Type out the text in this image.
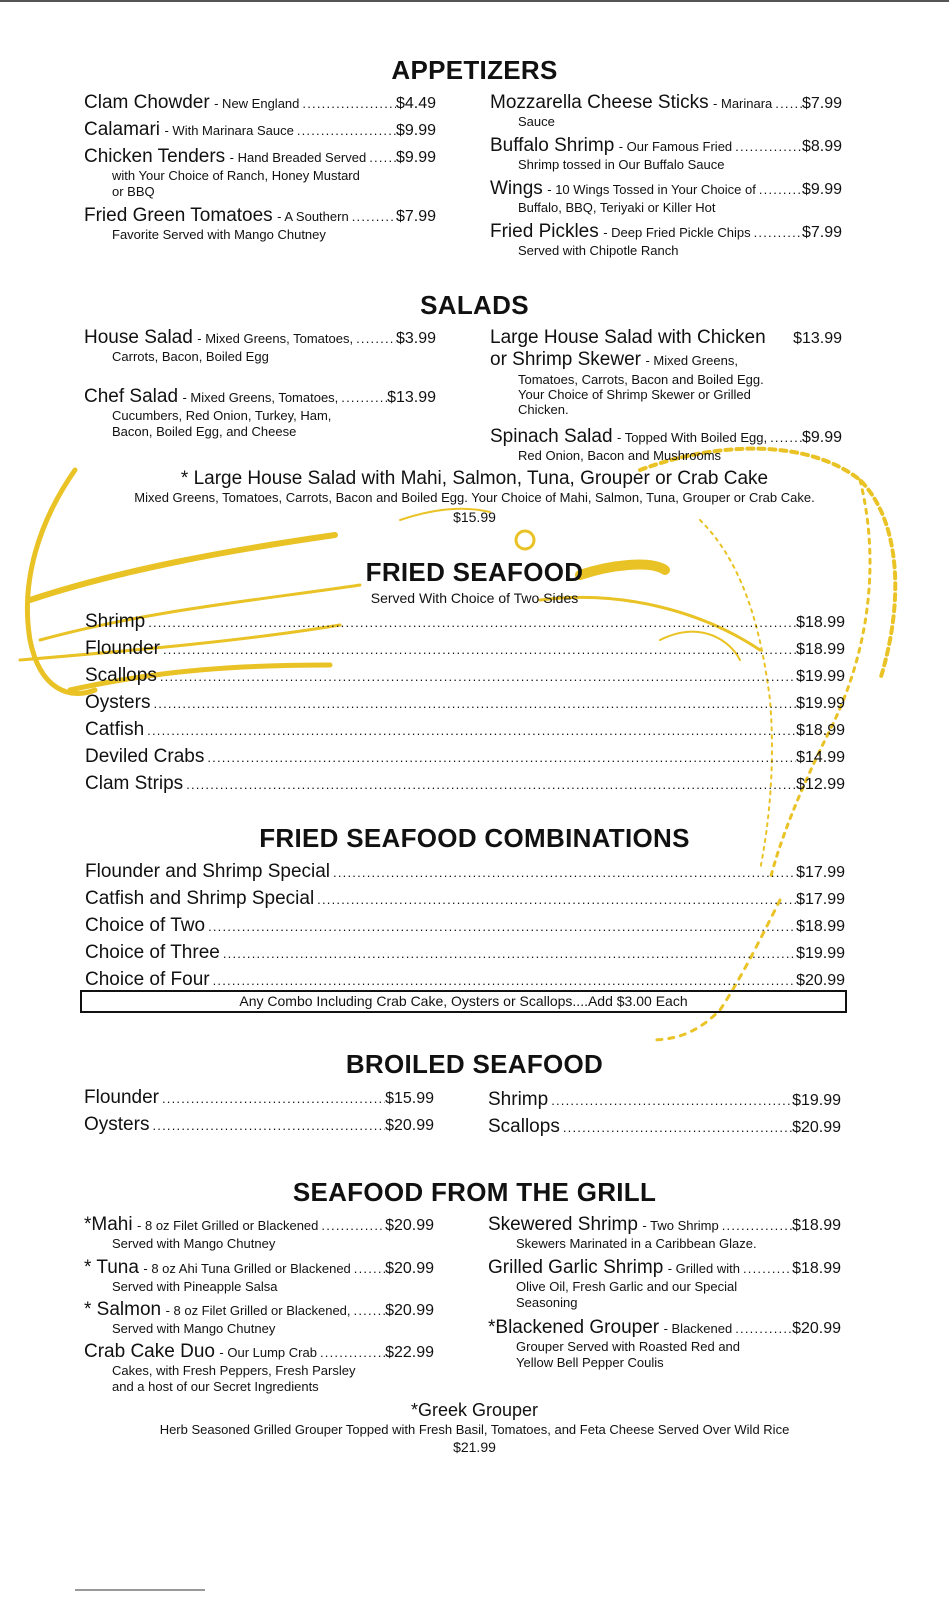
APPETIZERS
Clam Chowder
- New England .....	$4.49
Calamari
- With Marinara Sauce .....	$9.99
Chicken Tenders
- Hand Breaded Served ..... $9.99
with Your Choice of Ranch, Honey Mustard
or BBQ
Fried Green Tomatoes
- A Southern .....	$7.99
Favorite Served with Mango Chutney
Mozzarella Cheese Sticks
- Marinara ..... $7.99
Sauce
Buffalo Shrimp
- Our Famous Fried .....	$8.99
Shrimp tossed in Our Buffalo Sauce
Wings
- 10 Wings Tossed in Your Choice of .....	$9.99
Buffalo, BBQ, Teriyaki or Killer Hot
Fried Pickles
- Deep Fried Pickle Chips .....	$7.99
Served with Chipotle Ranch
SALADS
House Salad
- Mixed Greens, Tomatoes, .....	$3.99
Carrots, Bacon, Boiled Egg
Chef Salad
- Mixed Greens, Tomatoes, .....	$13.99
Cucumbers, Red Onion, Turkey, Ham,
Bacon, Boiled Egg, and Cheese
Large House Salad with Chicken $13.99
or Shrimp Skewer
- Mixed Greens,
Tomatoes, Carrots, Bacon and Boiled Egg.
Your Choice of Shrimp Skewer or Grilled
Chicken.
Spinach Salad
- Topped With Boiled Egg, ..... $9.99
Red Onion, Bacon and Mushrooms
* Large House Salad with Mahi, Salmon, Tuna, Grouper or Crab Cake
Mixed Greens, Tomatoes, Carrots, Bacon and Boiled Egg. Your Choice of Mahi, Salmon, Tuna, Grouper or Crab Cake.
$15.99
FRIED SEAFOOD
Served With Choice of Two Sides
Shrimp .....	$18.99
Flounder .....	$18.99
Scallops .....	$19.99
Oysters .....	$19.99
Catfish .....	$18.99
Deviled Crabs .....	$14.99
Clam Strips .....	$12.99
FRIED SEAFOOD COMBINATIONS
Flounder and Shrimp Special .....	$17.99
Catfish and Shrimp Special .....	$17.99
Choice of Two .....	$18.99
Choice of Three .....	$19.99
Choice of Four .....	$20.99
Any Combo Including Crab Cake, Oysters or Scallops....Add $3.00 Each
BROILED SEAFOOD
Flounder .....	$15.99
Oysters .....	$20.99
Shrimp .....	$19.99
Scallops .....	$20.99
SEAFOOD FROM THE GRILL
*Mahi
- 8 oz Filet Grilled or Blackened .....	$20.99
Served with Mango Chutney
* Tuna
- 8 oz Ahi Tuna Grilled or Blackened ..... $20.99
Served with Pineapple Salsa
* Salmon
- 8 oz Filet Grilled or Blackened, ..... $20.99
Served with Mango Chutney
Crab Cake Duo
- Our Lump Crab .....	$22.99
Cakes, with Fresh Peppers, Fresh Parsley
and a host of our Secret Ingredients
Skewered Shrimp
- Two Shrimp .....	$18.99
Skewers Marinated in a Caribbean Glaze.
Grilled Garlic Shrimp
- Grilled with .....	$18.99
Olive Oil, Fresh Garlic and our Special
Seasoning
*Blackened Grouper
- Blackened .....	$20.99
Grouper Served with Roasted Red and
Yellow Bell Pepper Coulis
*Greek Grouper
Herb Seasoned Grilled Grouper Topped with Fresh Basil, Tomatoes, and Feta Cheese Served Over Wild Rice
$21.99
